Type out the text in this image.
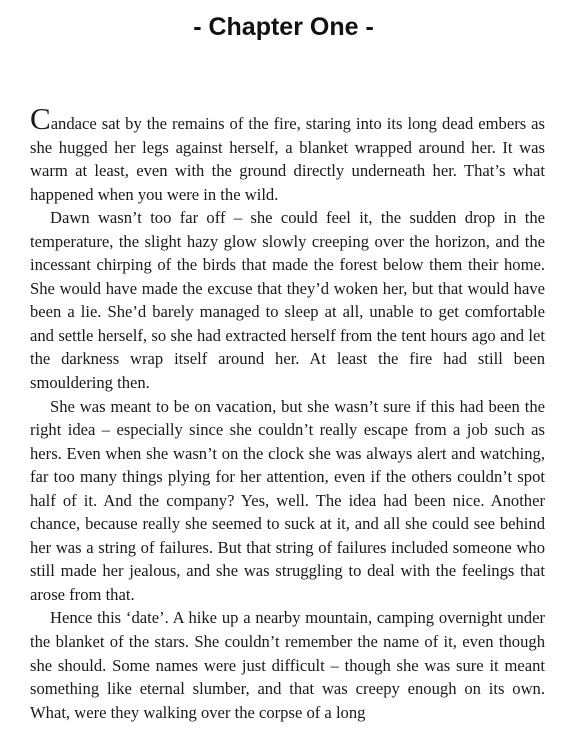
- Chapter One -

Candace sat by the remains of the fire, staring into its long dead embers as she hugged her legs against herself, a blanket wrapped around her. It was warm at least, even with the ground directly underneath her. That’s what happened when you were in the wild.

Dawn wasn’t too far off – she could feel it, the sudden drop in the temperature, the slight hazy glow slowly creeping over the horizon, and the incessant chirping of the birds that made the forest below them their home. She would have made the excuse that they’d woken her, but that would have been a lie. She’d barely managed to sleep at all, unable to get comfortable and settle herself, so she had extracted herself from the tent hours ago and let the darkness wrap itself around her. At least the fire had still been smouldering then.

She was meant to be on vacation, but she wasn’t sure if this had been the right idea – especially since she couldn’t really escape from a job such as hers. Even when she wasn’t on the clock she was always alert and watching, far too many things plying for her attention, even if the others couldn’t spot half of it. And the company? Yes, well. The idea had been nice. Another chance, because really she seemed to suck at it, and all she could see behind her was a string of failures. But that string of failures included someone who still made her jealous, and she was struggling to deal with the feelings that arose from that.

Hence this ‘date’. A hike up a nearby mountain, camping overnight under the blanket of the stars. She couldn’t remember the name of it, even though she should. Some names were just difficult – though she was sure it meant something like eternal slumber, and that was creepy enough on its own. What, were they walking over the corpse of a long
